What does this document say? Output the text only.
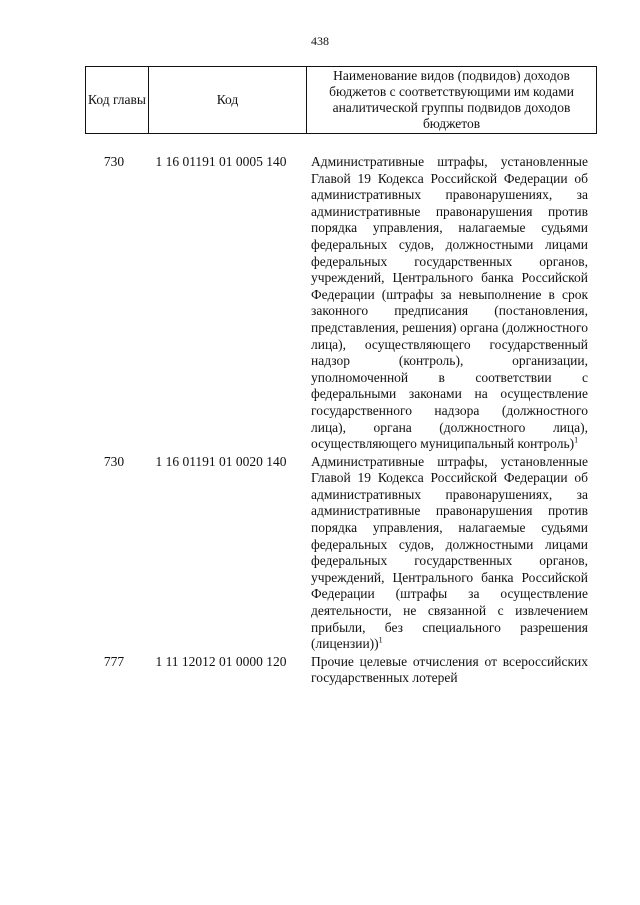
438
Код главы	Код	Наименование видов (подвидов) доходов бюджетов с соответствующими им кодами аналитической группы подвидов доходов бюджетов
730	1 16 01191 01 0005 140	Административные штрафы, установленные Главой 19 Кодекса Российской Федерации об административных правонарушениях, за административные правонарушения против порядка управления, налагаемые судьями федеральных судов, должностными лицами федеральных государственных органов, учреждений, Центрального банка Российской Федерации (штрафы за невыполнение в срок законного предписания (постановления, представления, решения) органа (должностного лица), осуществляющего государственный надзор (контроль), организации, уполномоченной в соответствии с федеральными законами на осуществление государственного надзора (должностного лица), органа (должностного лица), осуществляющего муниципальный контроль)$^1$
730	1 16 01191 01 0020 140	Административные штрафы, установленные Главой 19 Кодекса Российской Федерации об административных правонарушениях, за административные правонарушения против порядка управления, налагаемые судьями федеральных судов, должностными лицами федеральных государственных органов, учреждений, Центрального банка Российской Федерации (штрафы за осуществление деятельности, не связанной с извлечением прибыли, без специального разрешения (лицензии))$^1$
777	1 11 12012 01 0000 120	Прочие целевые отчисления от всероссийских государственных лотерей
